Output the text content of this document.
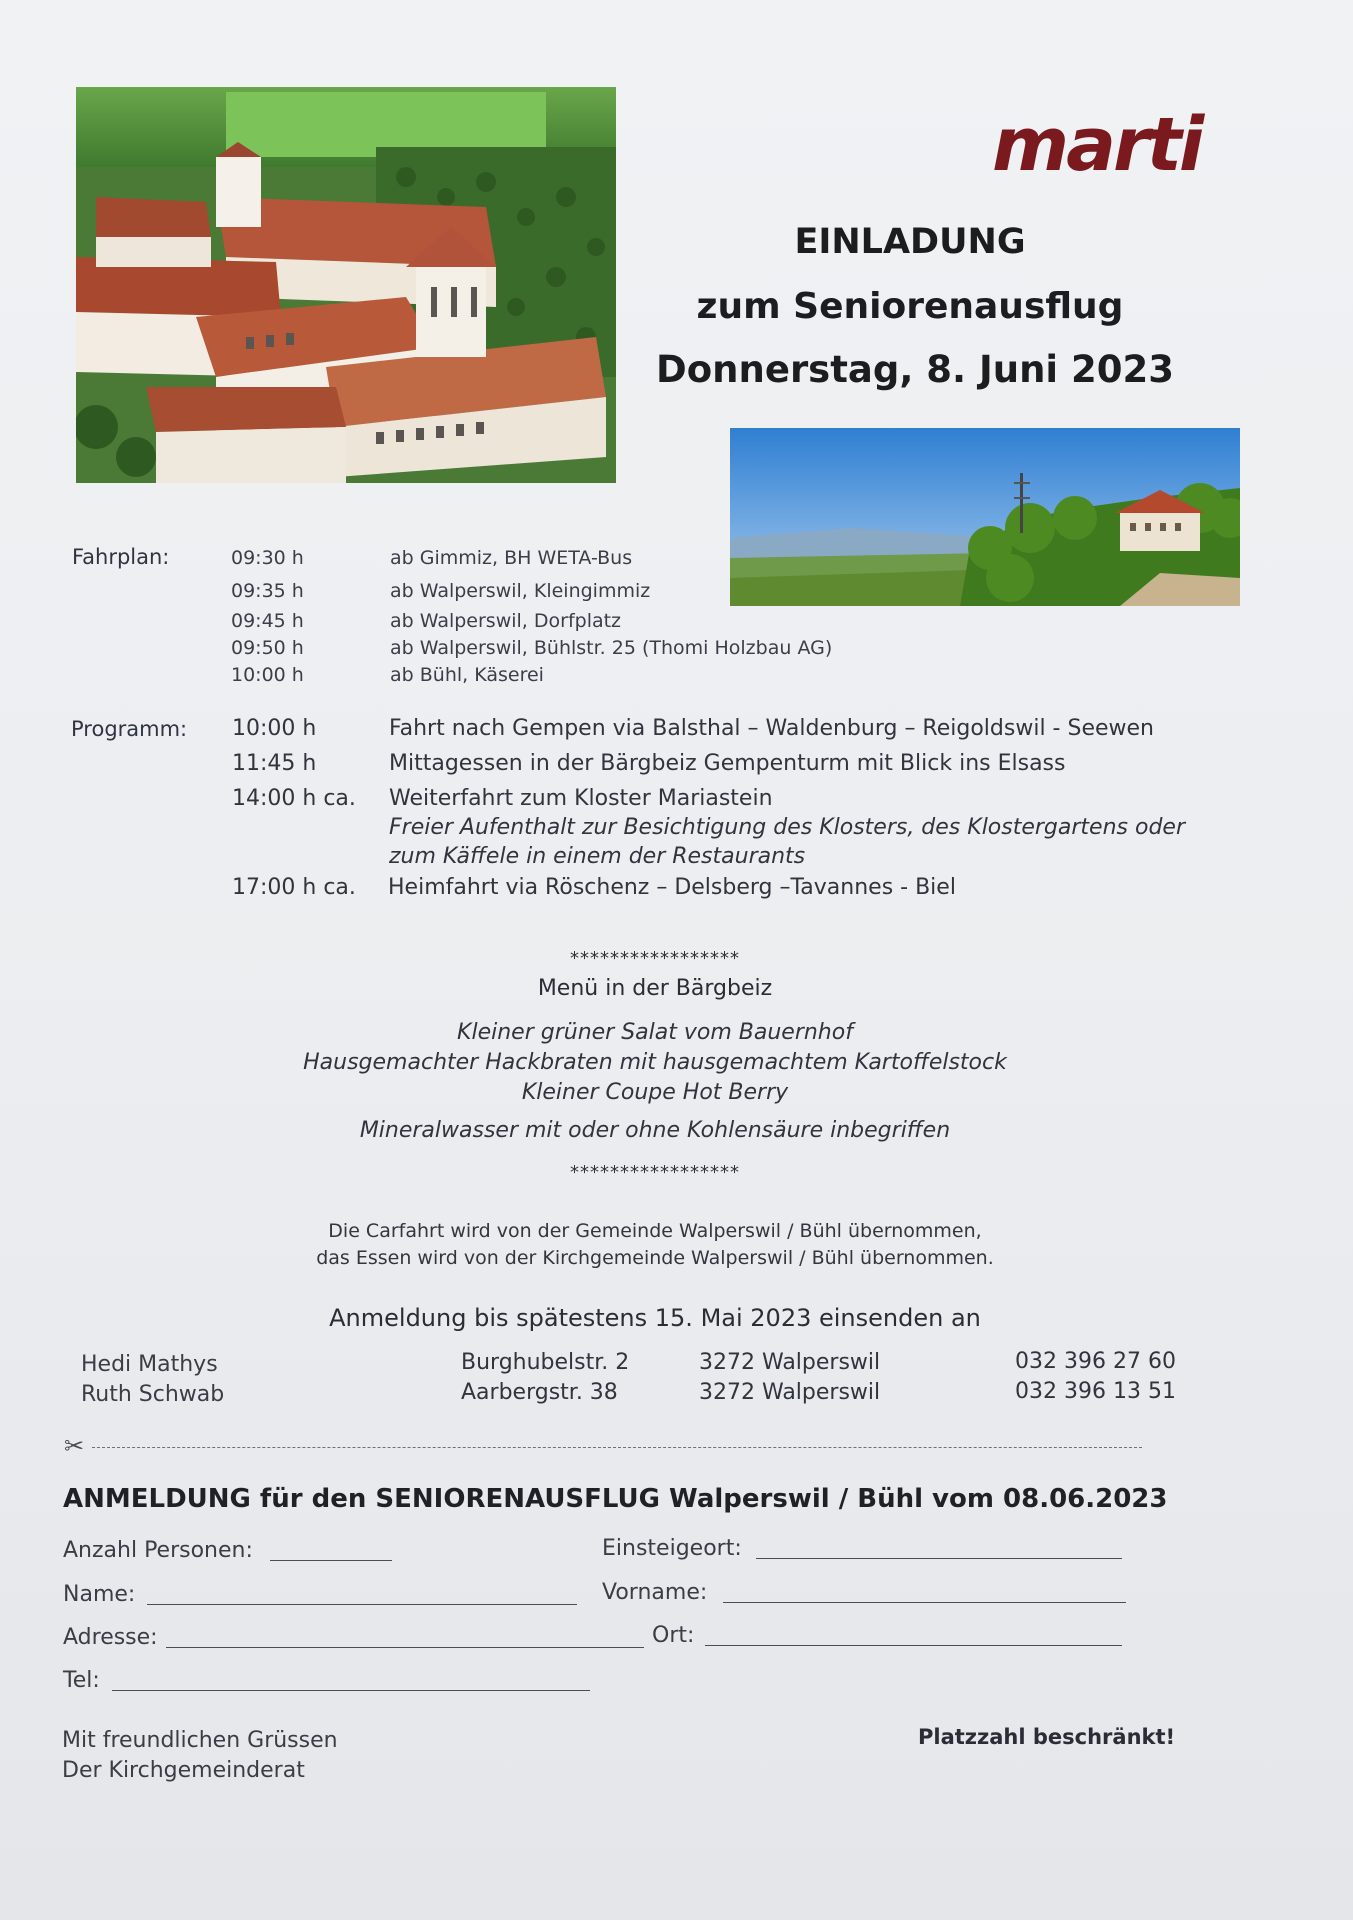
marti
EINLADUNG
zum Seniorenausflug
Donnerstag, 8. Juni 2023
Fahrplan:	09:30 h	ab Gimmiz, BH WETA-Bus
09:35 h	ab Walperswil, Kleingimmiz
09:45 h	ab Walperswil, Dorfplatz
09:50 h	ab Walperswil, Bühlstr. 25 (Thomi Holzbau AG)
10:00 h	ab Bühl, Käserei
Programm: 10:00 h	Fahrt nach Gempen via Balsthal – Waldenburg – Reigoldswil - Seewen
11:45 h	Mittagessen in der Bärgbeiz Gempenturm mit Blick ins Elsass
14:00 h ca. Weiterfahrt zum Kloster Mariastein
Freier Aufenthalt zur Besichtigung des Klosters, des Klostergartens oder
zum Käffele in einem der Restaurants
17:00 h ca. Heimfahrt via Röschenz – Delsberg –Tavannes - Biel
*****************
Menü in der Bärgbeiz
Kleiner grüner Salat vom Bauernhof
Hausgemachter Hackbraten mit hausgemachtem Kartoffelstock
Kleiner Coupe Hot Berry
Mineralwasser mit oder ohne Kohlensäure inbegriffen
*****************
Die Carfahrt wird von der Gemeinde Walperswil / Bühl übernommen,
das Essen wird von der Kirchgemeinde Walperswil / Bühl übernommen.
Anmeldung bis spätestens 15. Mai 2023 einsenden an
Hedi Mathys	Burghubelstr. 2	3272 Walperswil	032 396 27 60
Ruth Schwab	Aarbergstr. 38	3272 Walperswil	032 396 13 51
✂
ANMELDUNG für den SENIORENAUSFLUG Walperswil / Bühl vom 08.06.2023
Anzahl Personen:	Einsteigeort:
Name:	Vorname:
Adresse:	Ort:
Tel:
Mit freundlichen Grüssen
Der Kirchgemeinderat
Platzzahl beschränkt!
